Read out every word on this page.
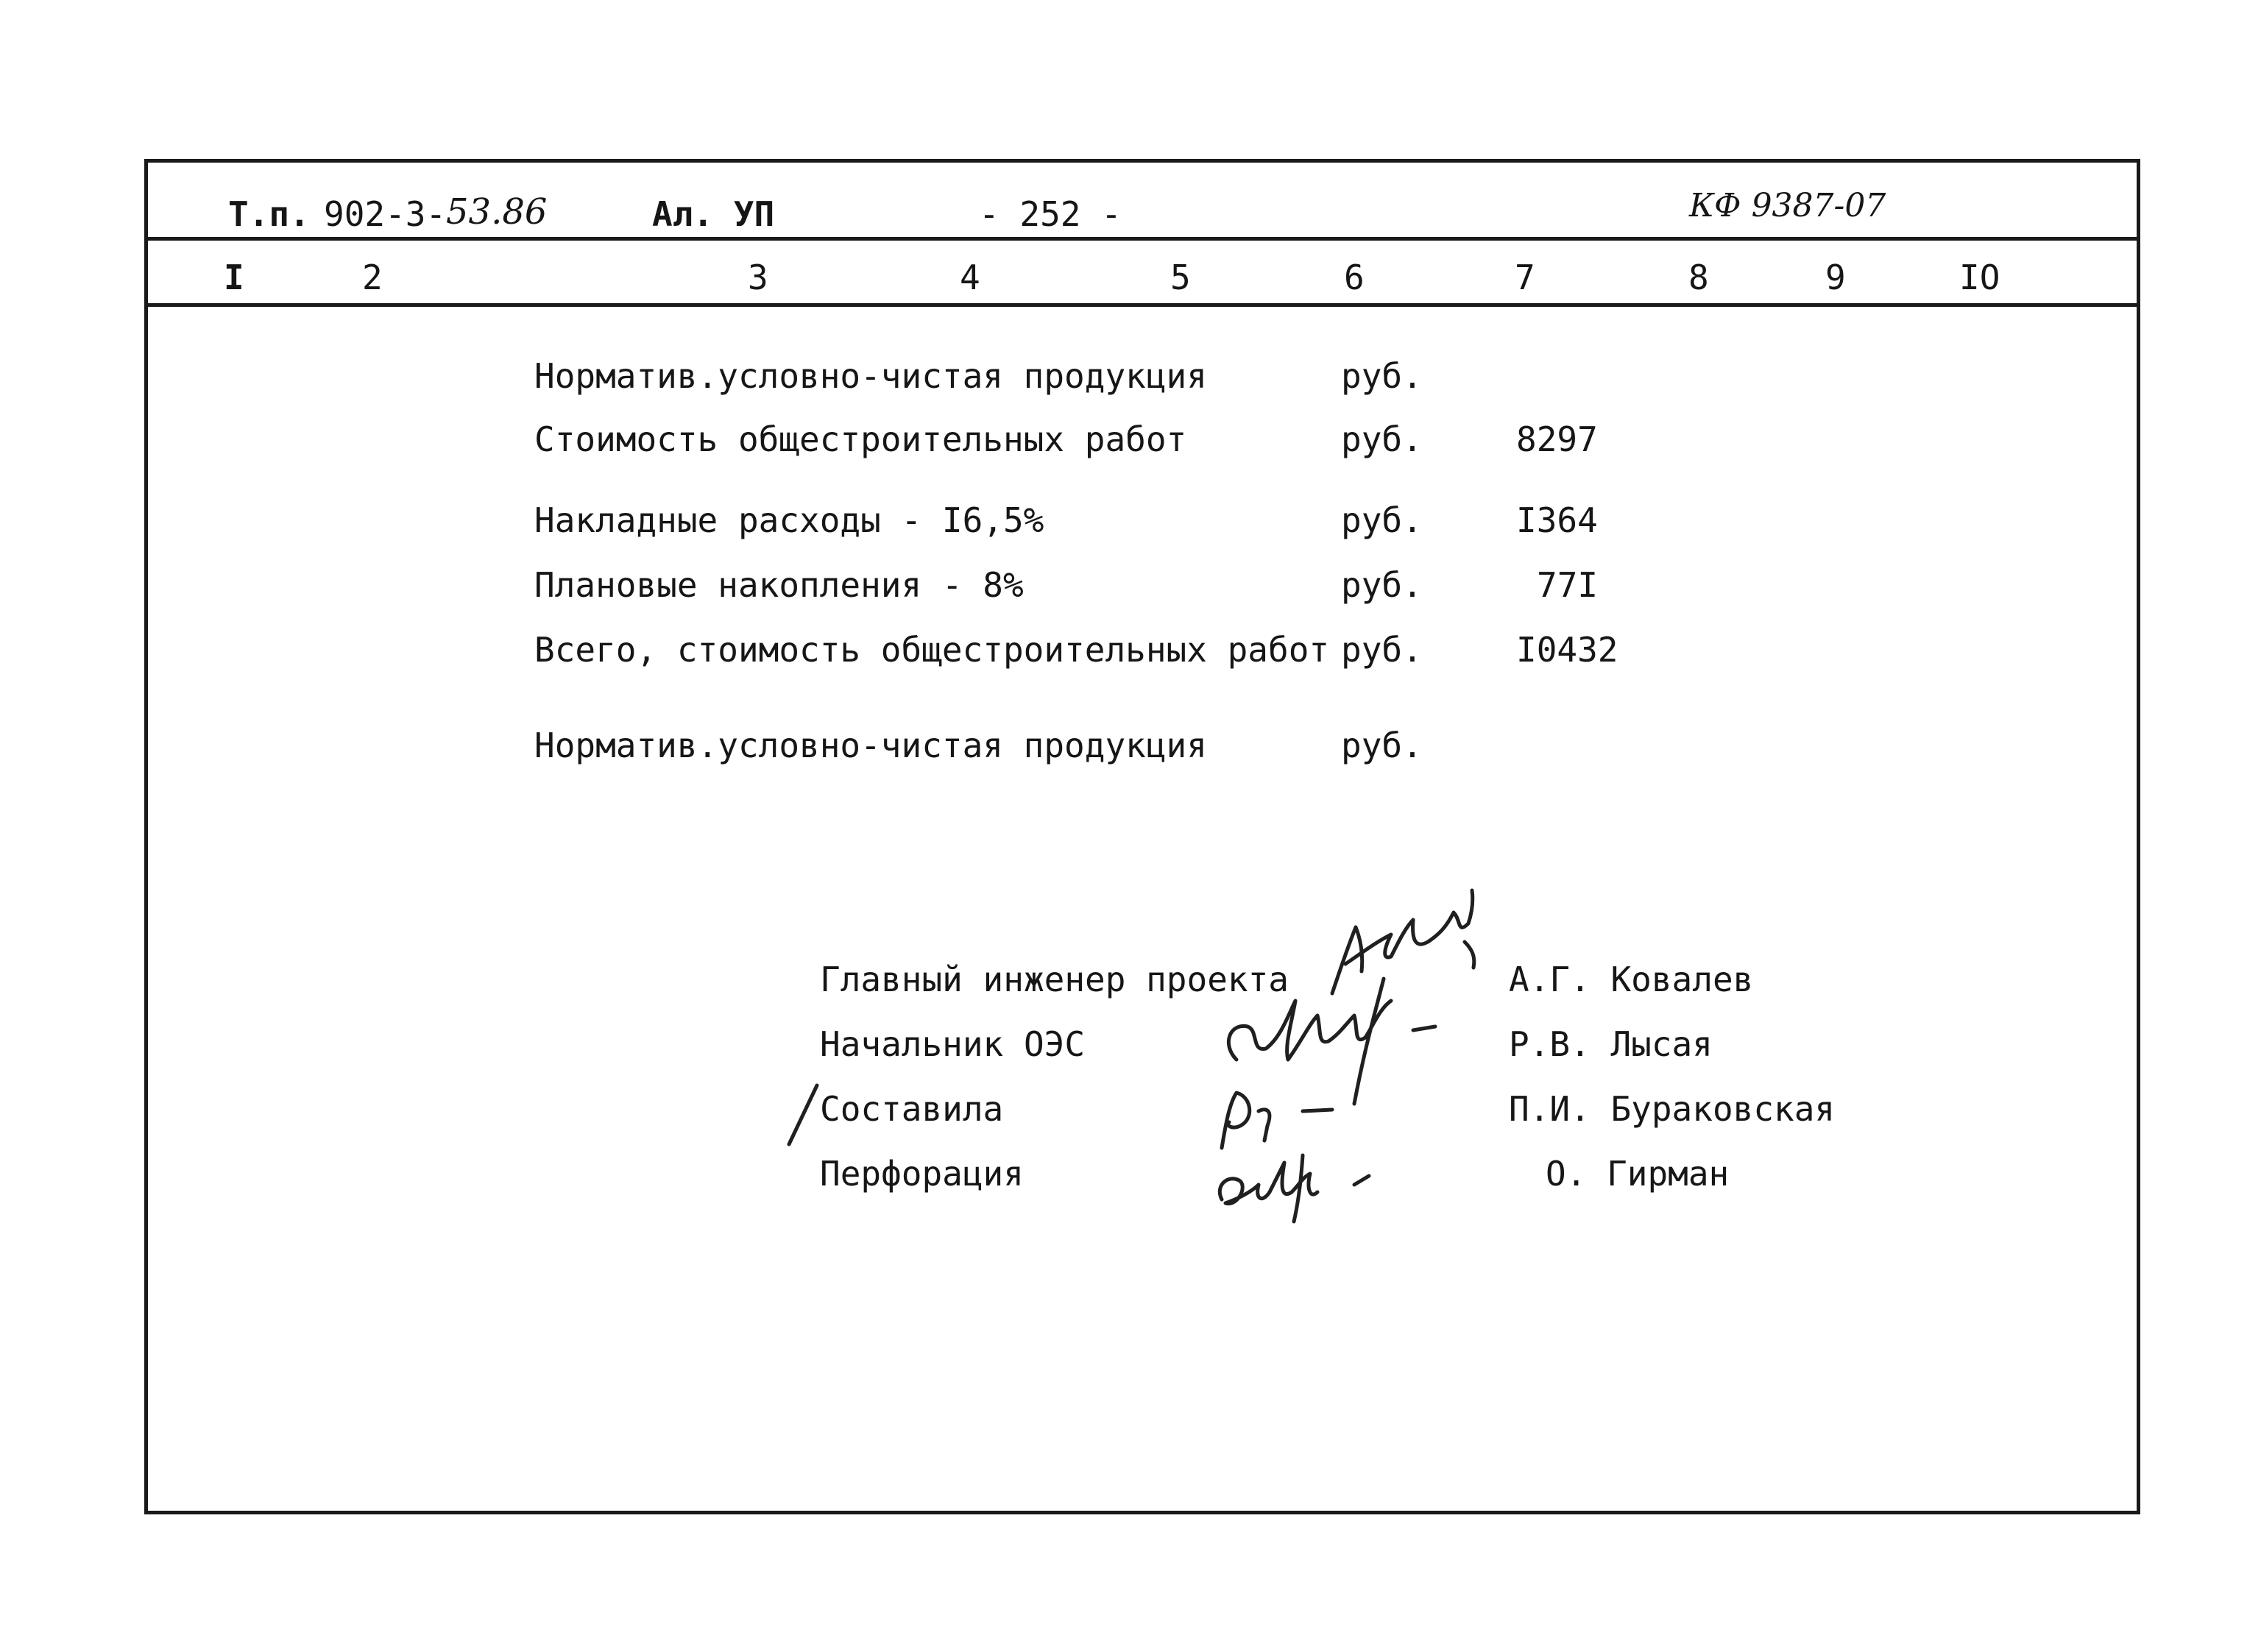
Т.п. 902-3- 53.86	Ал. УП	- 252 -	КФ 9387-07
I	2	3	4	5	6	7	8	9	IO
Норматив.условно-чистая продукция	руб.
Стоимость общестроительных работ	руб.	8297
Накладные расходы - I6,5%	руб.	I364
Плановые накопления - 8%	руб.	77I
Всего, стоимость общестроительных работ руб.	I0432
Норматив.условно-чистая продукция	руб.
Главный инженер проекта	А.Г. Ковалев
Начальник ОЭС	Р.В. Лысая
Составила	П.И. Бураковская
Перфорация	О. Гирман
